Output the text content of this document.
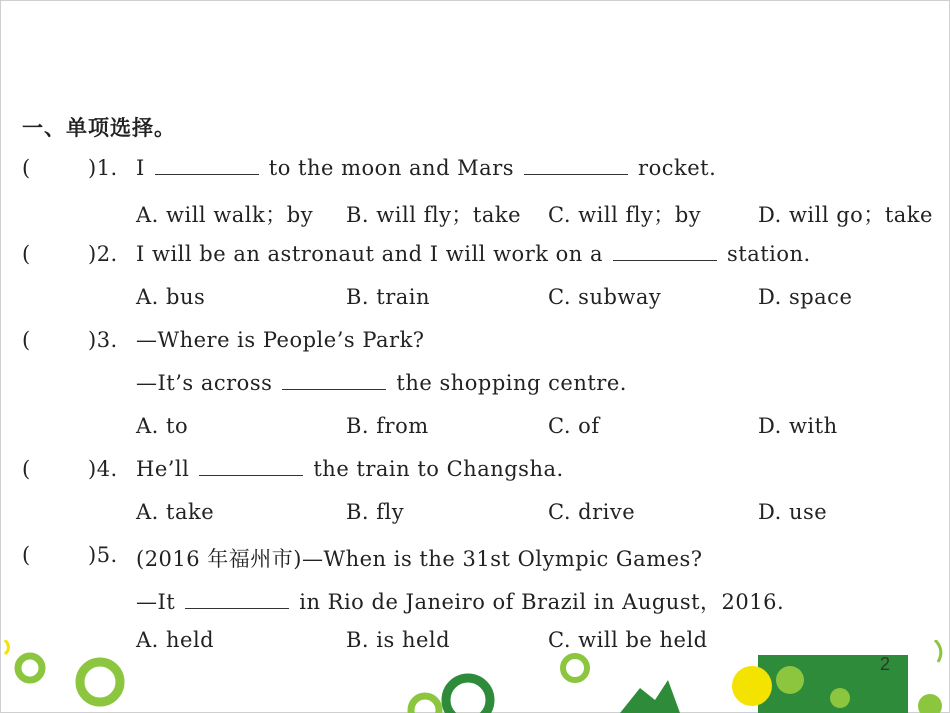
一、单项选择。
(	)1. I	to the moon and Mars	rocket.
A. will walk；by B. will fly；take C. will fly；by	D. will go；take
(	)2. I will be an astronaut and I will work on a	station.
A. bus	B. train	C. subway	D. space
(	)3. —Where is People’s Park?
—It’s across	the shopping centre.
A. to	B. from	C. of	D. with
(	)4. He’ll	the train to Changsha.
A. take	B. fly	C. drive	D. use
(	)5. (2016 年福州市)—When is the 31st Olympic Games?
—It	in Rio de Janeiro of Brazil in August，2016.
A. held	B. is held	C. will be held
2
